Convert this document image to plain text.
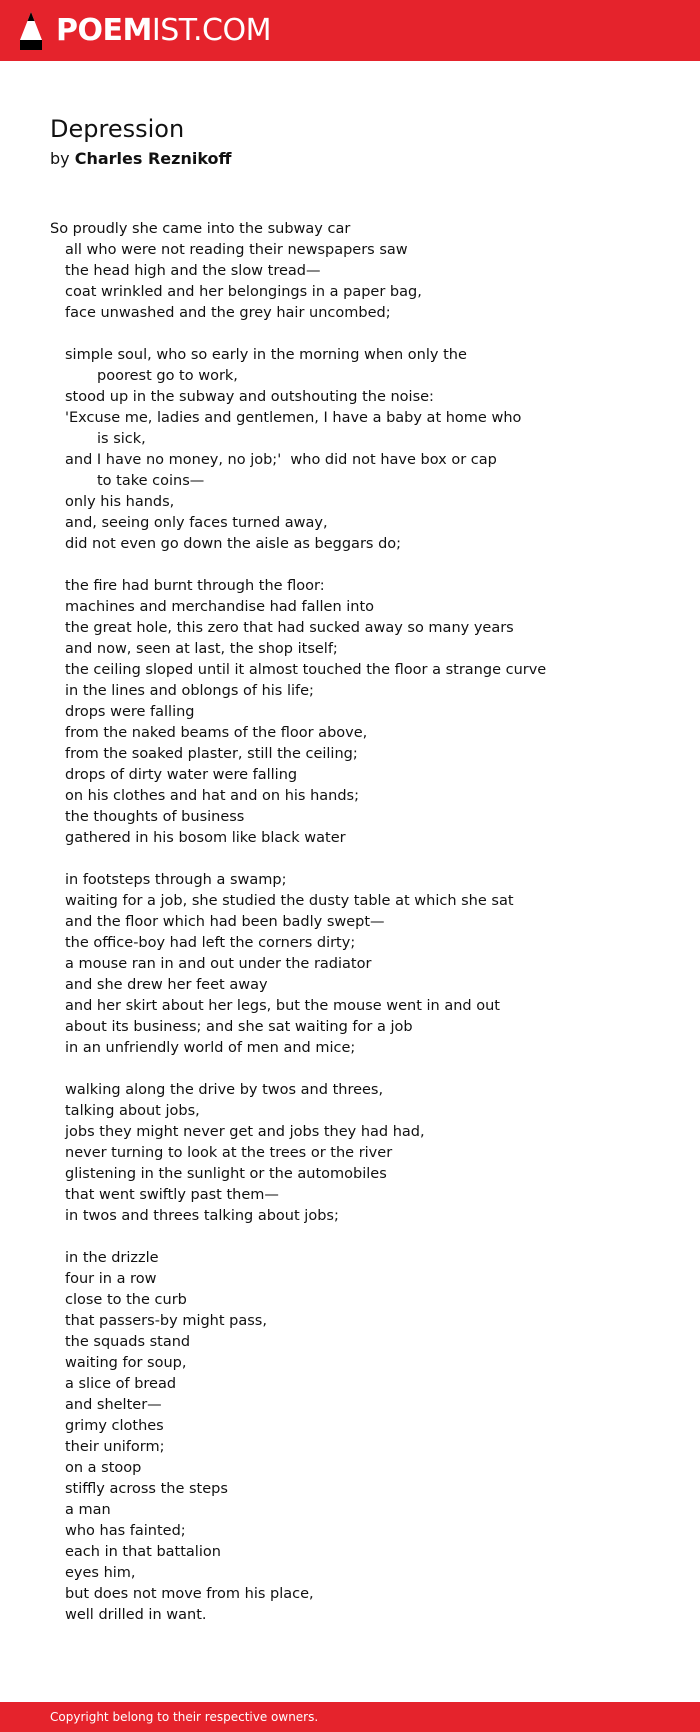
POEMIST.COM
Depression
by Charles Reznikoff
So proudly she came into the subway car
all who were not reading their newspapers saw
the head high and the slow tread—
coat wrinkled and her belongings in a paper bag,
face unwashed and the grey hair uncombed;
simple soul, who so early in the morning when only the
poorest go to work,
stood up in the subway and outshouting the noise:
'Excuse me, ladies and gentlemen, I have a baby at home who
is sick,
and I have no money, no job;'  who did not have box or cap
to take coins—
only his hands,
and, seeing only faces turned away,
did not even go down the aisle as beggars do;
the fire had burnt through the floor:
machines and merchandise had fallen into
the great hole, this zero that had sucked away so many years
and now, seen at last, the shop itself;
the ceiling sloped until it almost touched the floor a strange curve
in the lines and oblongs of his life;
drops were falling
from the naked beams of the floor above,
from the soaked plaster, still the ceiling;
drops of dirty water were falling
on his clothes and hat and on his hands;
the thoughts of business
gathered in his bosom like black water
in footsteps through a swamp;
waiting for a job, she studied the dusty table at which she sat
and the floor which had been badly swept—
the office-boy had left the corners dirty;
a mouse ran in and out under the radiator
and she drew her feet away
and her skirt about her legs, but the mouse went in and out
about its business; and she sat waiting for a job
in an unfriendly world of men and mice;
walking along the drive by twos and threes,
talking about jobs,
jobs they might never get and jobs they had had,
never turning to look at the trees or the river
glistening in the sunlight or the automobiles
that went swiftly past them—
in twos and threes talking about jobs;
in the drizzle
four in a row
close to the curb
that passers-by might pass,
the squads stand
waiting for soup,
a slice of bread
and shelter—
grimy clothes
their uniform;
on a stoop
stiffly across the steps
a man
who has fainted;
each in that battalion
eyes him,
but does not move from his place,
well drilled in want.
Copyright belong to their respective owners.
